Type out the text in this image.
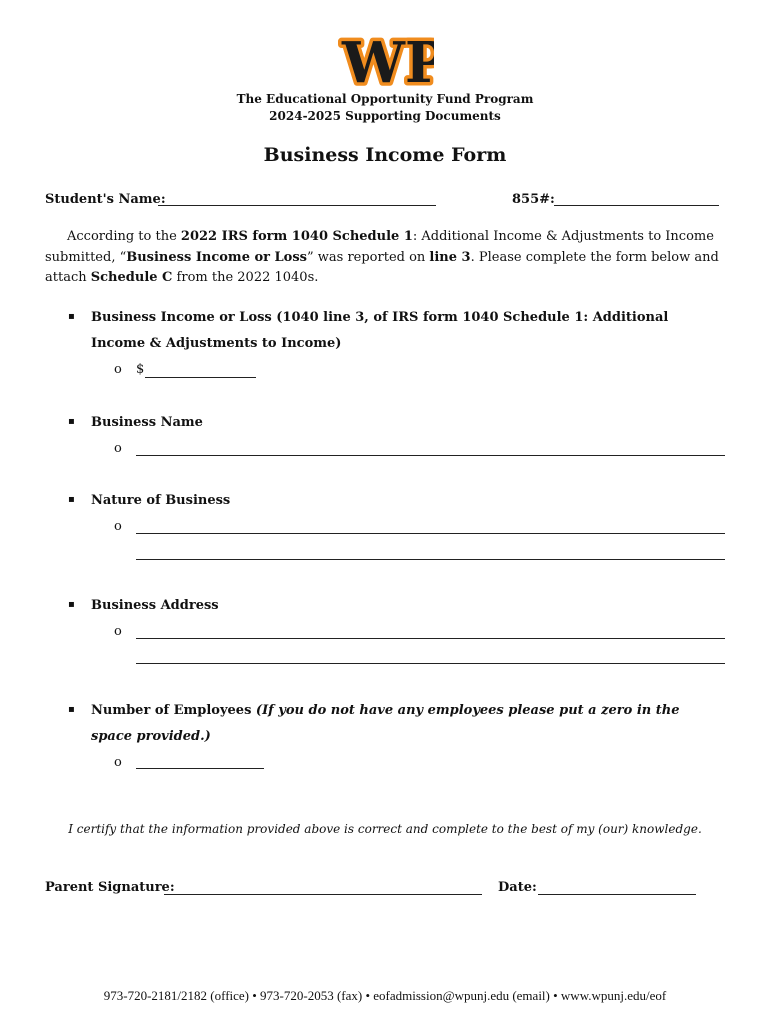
WP
WP
The Educational Opportunity Fund Program
2024-2025 Supporting Documents
Business Income Form
Student's Name:	855#:
According to the 2022 IRS form 1040 Schedule 1: Additional Income & Adjustments to Income submitted, “Business Income or Loss” was reported on line 3. Please complete the form below and attach Schedule C from the 2022 1040s.
▪ Business Income or Loss (1040 line 3, of IRS form 1040 Schedule 1: Additional Income & Adjustments to Income)
o $
▪ Business Name
o
▪ Nature of Business
o
▪ Business Address
o
▪ Number of Employees (If you do not have any employees please put a zero in the space provided.)
o
I certify that the information provided above is correct and complete to the best of my (our) knowledge.
Parent Signature:	Date:
973-720-2181/2182 (office) • 973-720-2053 (fax) • eofadmission@wpunj.edu (email) • www.wpunj.edu/eof
